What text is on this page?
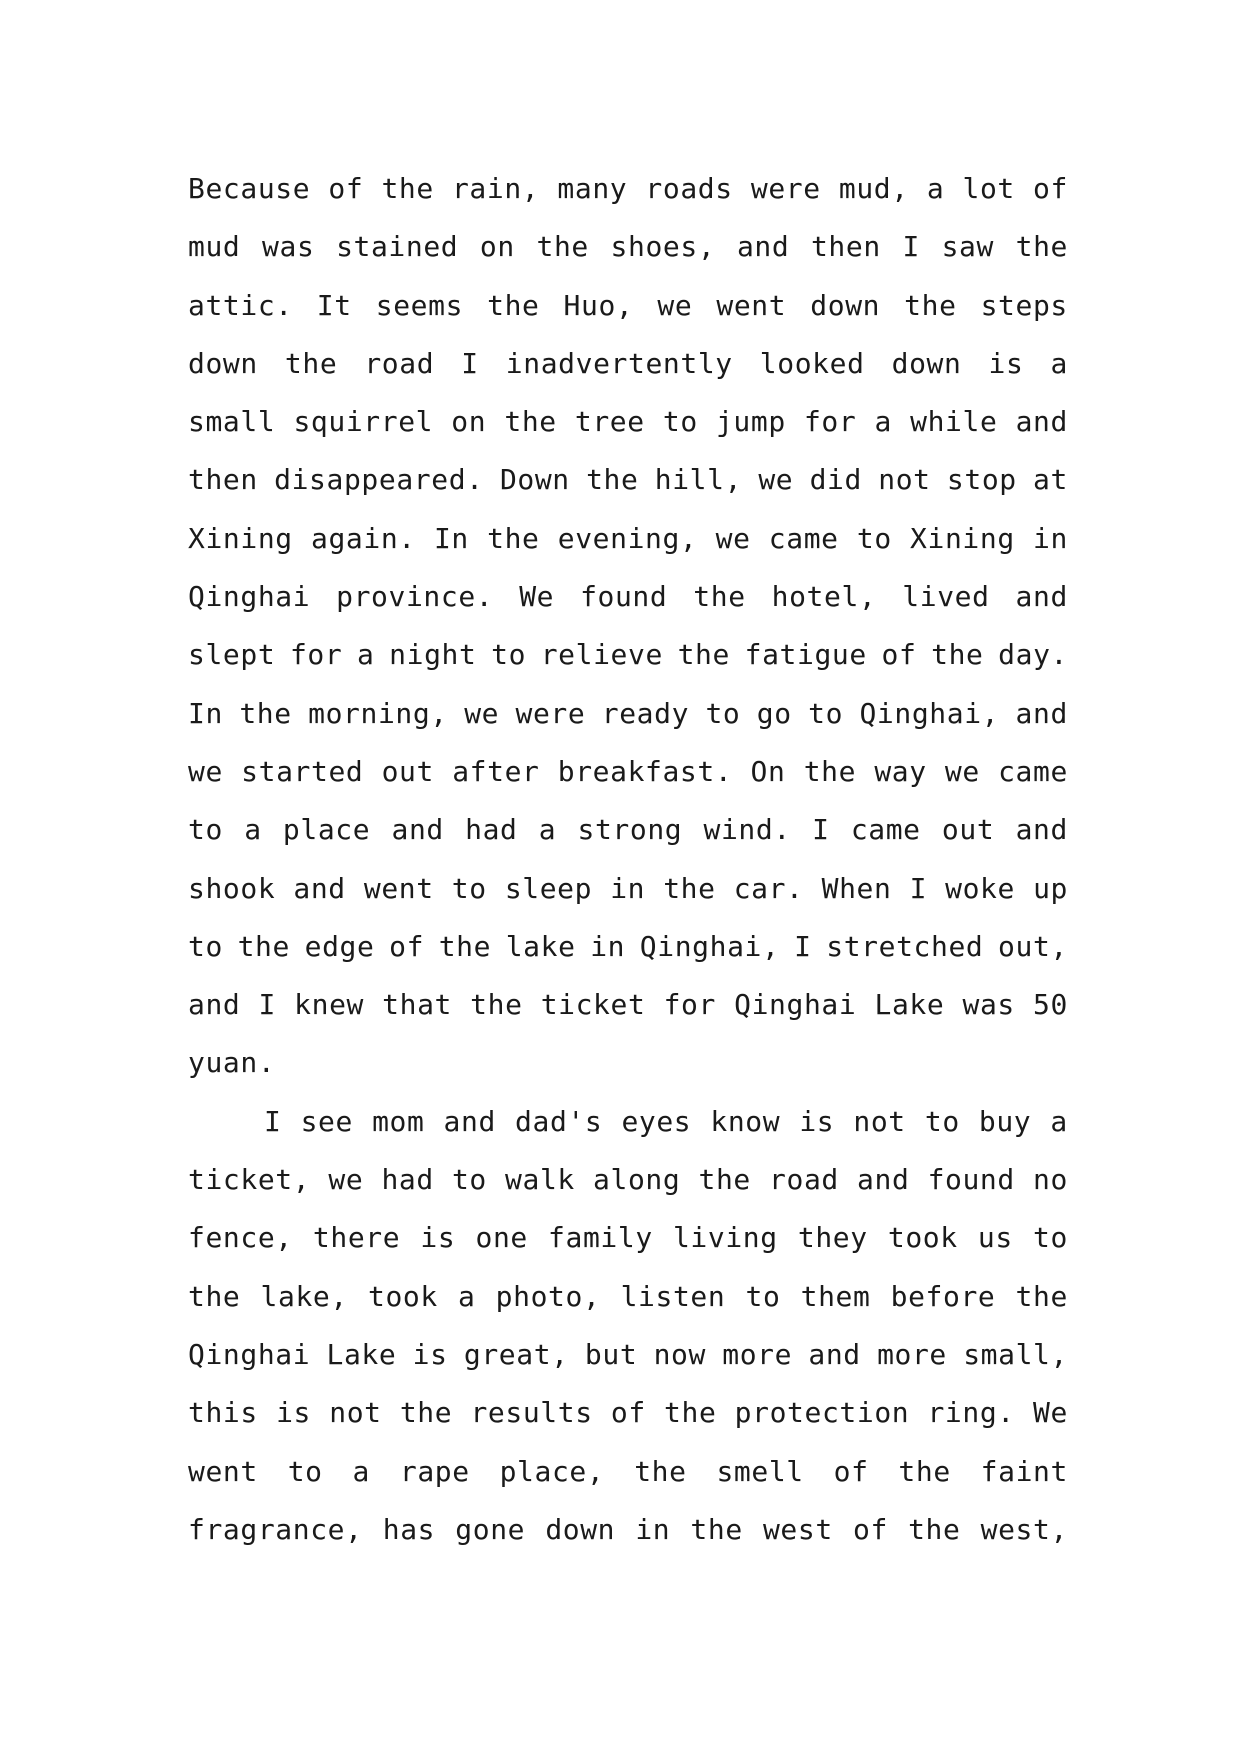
Because of the rain, many roads were mud, a lot of
mud was stained on the shoes, and then I saw the
attic. It seems the Huo, we went down the steps
down the road I inadvertently looked down is a
small squirrel on the tree to jump for a while and
then disappeared. Down the hill, we did not stop at
Xining again. In the evening, we came to Xining in
Qinghai province. We found the hotel, lived and
slept for a night to relieve the fatigue of the day.
In the morning, we were ready to go to Qinghai, and
we started out after breakfast. On the way we came
to a place and had a strong wind. I came out and
shook and went to sleep in the car. When I woke up
to the edge of the lake in Qinghai, I stretched out,
and I knew that the ticket for Qinghai Lake was 50
yuan.
I see mom and dad's eyes know is not to buy a
ticket, we had to walk along the road and found no
fence, there is one family living they took us to
the lake, took a photo, listen to them before the
Qinghai Lake is great, but now more and more small,
this is not the results of the protection ring. We
went to a rape place, the smell of the faint
fragrance, has gone down in the west of the west,
